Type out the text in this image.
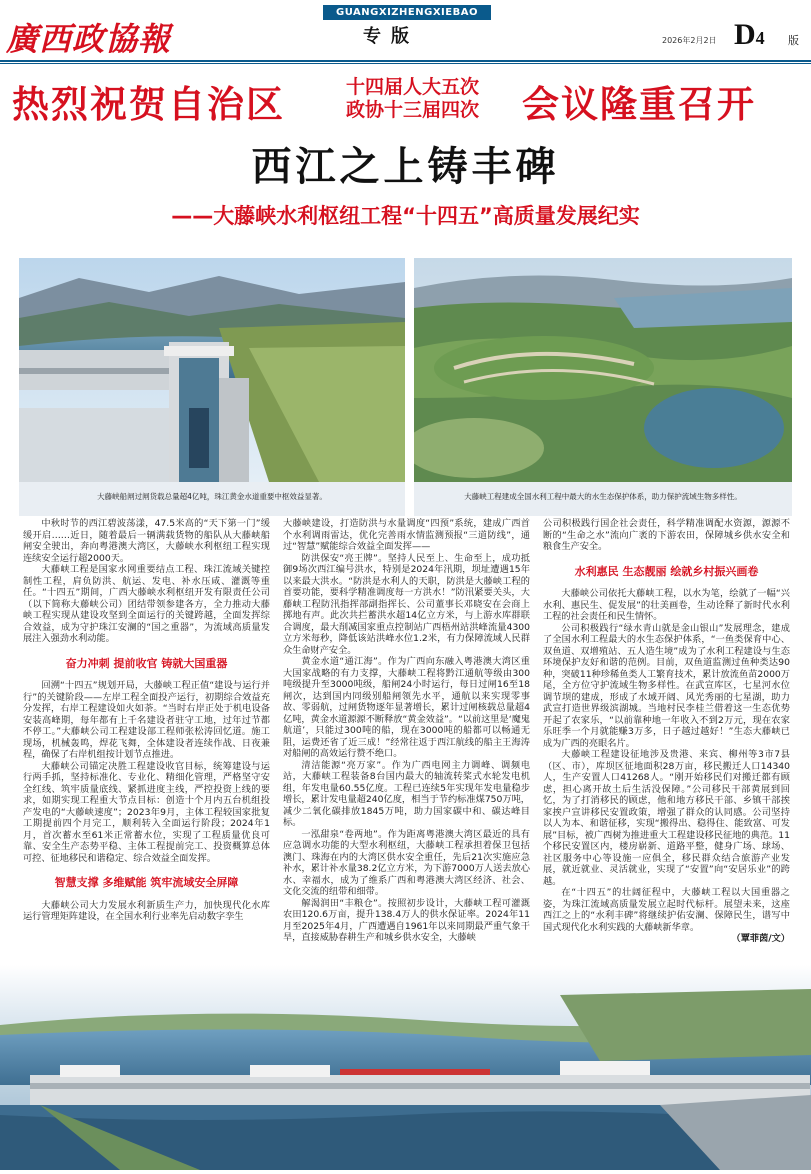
廣西政協報
GUANGXIZHENGXIEBAO
专版	2026年2月2日 D4 版
热烈祝贺自治区	十四届人大五次
政协十三届四次 会议隆重召开
西江之上铸丰碑
——大藤峡水利枢纽工程“十四五”高质量发展纪实
大藤峡船闸过闸货载总量超4亿吨，珠江黄金水道重要中枢效益显著。	大藤峡工程建成全国水利工程中最大的水生态保护体系，助力保护流域生物多样性。

中秋时节的西江碧波荡漾，47.5米高的“天下第一门”缓缓开启……近日，随着最后一辆满载货物的船队从大藤峡船闸安全驶出，奔向粤港澳大湾区，大藤峡水利枢纽工程实现连续安全运行超2000天。

大藤峡工程是国家水网重要结点工程、珠江流域关键控制性工程，肩负防洪、航运、发电、补水压咸、灌溉等重任。“十四五”期间，广西大藤峡水利枢纽开发有限责任公司（以下简称大藤峡公司）团结带领参建各方，全力推动大藤峡工程实现从建设攻坚到全面运行的关键跨越，全面发挥综合效益，成为守护珠江安澜的“国之重器”，为流域高质量发展注入强劲水利动能。

奋力冲刺 提前收官 铸就大国重器

回溯“十四五”规划开局，大藤峡工程正值“建设与运行并行”的关键阶段——左岸工程全面投产运行，初期综合效益充分发挥，右岸工程建设如火如荼。“当时右岸正处于机电设备安装高峰期，每年都有上千名建设者驻守工地，过年过节都不停工。”大藤峡公司工程建设部工程师张松涛回忆道。施工现场，机械轰鸣，焊花飞舞，全体建设者连续作战、日夜兼程，确保了右岸机组按计划节点推进。

大藤峡公司锚定决胜工程建设收官目标，统筹建设与运行两手抓，坚持标准化、专业化、精细化管理，严格坚守安全红线、筑牢质量底线、紧抓进度主线，严控投资上线的要求，如期实现工程重大节点目标：创造十个月内五台机组投产发电的“大藤峡速度”；2023年9月，主体工程较国家批复工期提前四个月完工，顺利转入全面运行阶段；2024年1月，首次蓄水至61米正常蓄水位，实现了工程质量优良可靠、安全生产态势平稳、主体工程提前完工、投资概算总体可控、征地移民和谐稳定、综合效益全面发挥。

智慧支撑 多维赋能 筑牢流域安全屏障

大藤峡公司大力发展水利新质生产力，加快现代化水库运行管理矩阵建设，在全国水利行业率先启动数字孪生

大藤峡建设，打造防洪与水量调度“四预”系统，建成广西首个水利调雨雷达，优化完善雨水情监测预报“三道防线”，通过“智慧”赋能综合效益全面发挥——

防洪保安“亮王牌”。坚持人民至上、生命至上，成功抵御9场次西江编号洪水，特别是2024年汛期，坝址遭遇15年以来最大洪水。“防洪是水利人的天职，防洪是大藤峡工程的首要功能，要科学精准调度每一方洪水！”防汛紧要关头，大藤峡工程防汛指挥部副指挥长、公司董事长邓晓安在会商上掷地有声。此次共拦蓄洪水超14亿立方米，与上游水库群联合调度，最大削减国家重点控制站广西梧州站洪峰流量4300立方米每秒，降低该站洪峰水位1.2米，有力保障流域人民群众生命财产安全。

黄金水道“通江海”。作为广西向东融入粤港澳大湾区重大国家战略的有力支撑，大藤峡工程将黔江通航等级由300吨级提升至3000吨级，船闸24小时运行，每日过闸16至18闸次，达到国内同级别船闸领先水平，通航以来实现零事故、零弱航，过闸货物逐年显著增长，累计过闸核载总量超4亿吨，黄金水道源源不断释放“黄金效益”。“以前这里是‘魔鬼航道’，只能过300吨的船，现在3000吨的船都可以畅通无阻，运费还省了近三成！”经常往返于西江航线的船主王海涛对船闸的高效运行赞不绝口。

清洁能源“亮万家”。作为广西电网主力调峰、调频电站，大藤峡工程装备8台国内最大的轴流转桨式水轮发电机组，年发电量60.55亿度。工程已连续5年实现年发电量稳步增长，累计发电量超240亿度，相当于节约标准煤750万吨，减少二氧化碳排放1845万吨，助力国家碳中和、碳达峰目标。

一泓甜泉“卷两地”。作为距离粤港澳大湾区最近的具有应急调水功能的大型水利枢纽，大藤峡工程承担着保卫包括澳门、珠海在内的大湾区供水安全重任，先后21次实施应急补水，累计补水量38.2亿立方米，为下游7000万人送去放心水、幸福水，成为了维系广西和粤港澳大湾区经济、社会、文化交流的纽带和细带。

解渴润田“丰粮仓”。按照初步设计，大藤峡工程可灌溉农田120.6万亩，提升138.4万人的供水保证率。2024年11月至2025年4月，广西遭遇自1961年以来同期最严重气象干旱，直接威胁春耕生产和城乡供水安全，大藤峡

公司积极践行国企社会责任，科学精准调配水资源，源源不断的“生命之水”流向广袤的下游农田，保障城乡供水安全和粮食生产安全。

水利惠民 生态靓丽 绘就乡村振兴画卷

大藤峡公司依托大藤峡工程，以水为笔，绘就了一幅“兴水利、惠民生、促发展”的壮美画卷，生动诠释了新时代水利工程的社会责任和民生情怀。

公司积极践行“绿水青山就是金山银山”发展理念，建成了全国水利工程最大的水生态保护体系，“一鱼类保育中心、双鱼道、双增殖站、五人造生境”成为了水利工程建设与生态环境保护友好和谐的范例。目前，双鱼道监测过鱼种类达90种，突破11种珍稀鱼类人工繁育技术，累计放流鱼苗2000万尾，全方位守护流域生物多样性。在武宣库区，七星河水位调节坝的建成，形成了水域开阔、风光秀丽的七星湖，助力武宣打造世界级滨湖城。当地村民李桂兰借着这一生态优势开起了农家乐，“以前靠种地一年收入不到2万元，现在农家乐旺季一个月就能赚3万多，日子越过越好！”生态大藤峡已成为广西的亮眼名片。

大藤峡工程建设征地涉及贵港、来宾、柳州等3市7县（区、市），库坝区征地面积28万亩，移民搬迁人口14340人，生产安置人口41268人。“刚开始移民们对搬迁都有顾虑，担心离开故土后生活没保障。”公司移民干部黄展到回忆，为了打消移民的顾虑，他和地方移民干部、乡镇干部挨家挨户宣讲移民安置政策，增强了群众的认同感。公司坚持以人为本、和谐征移，实现“搬得出、稳得住、能致富、可发展”目标，被广西树为推进重大工程建设移民征地的典范。11个移民安置区内，楼房崭新、道路平整，健身广场、球场、社区服务中心等设施一应俱全，移民群众结合旅游产业发展，就近就业、灵活就业，实现了“安置”向“安居乐业”的跨越。

在“十四五”的壮阔征程中，大藤峡工程以大国重器之姿，为珠江流域高质量发展立起时代标杆。展望未来，这座西江之上的“水利丰碑”将继续护佑安澜、保障民生，谱写中国式现代化水利实践的大藤峡新华章。

（覃菲茵/文）
